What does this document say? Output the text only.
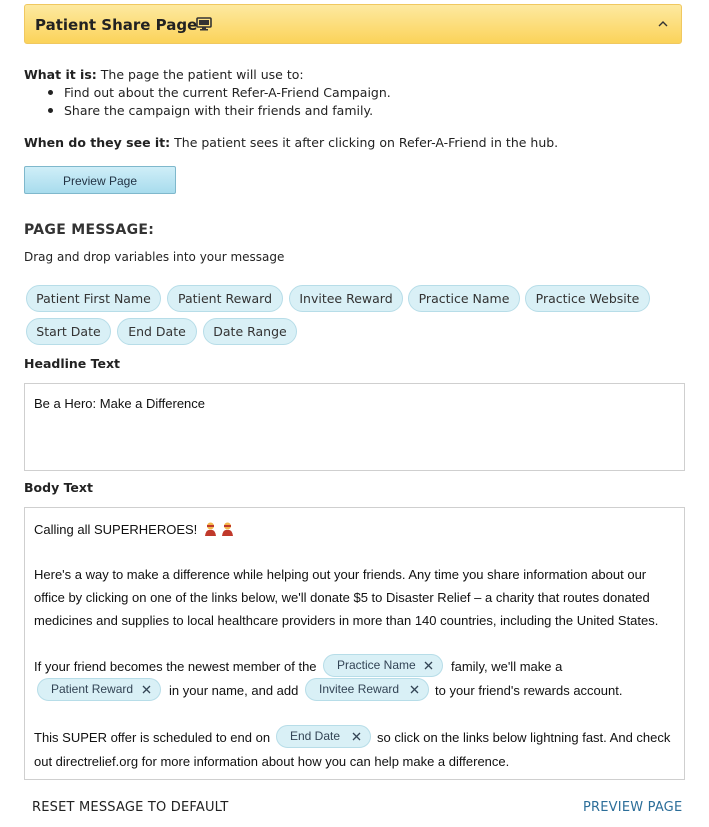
Patient Share Page
What it is: The page the patient will use to:
Find out about the current Refer-A-Friend Campaign.
Share the campaign with their friends and family.
When do they see it: The patient sees it after clicking on Refer-A-Friend in the hub.
Preview Page
PAGE MESSAGE:
Drag and drop variables into your message
Patient First Name	Patient Reward	Invitee Reward	Practice Name	Practice Website
Start Date	End Date	Date Range
Headline Text
Be a Hero: Make a Difference
Body Text
Calling all SUPERHEROES!
Here's a way to make a difference while helping out your friends. Any time you share information about our
office by clicking on one of the links below, we'll donate $5 to Disaster Relief – a charity that routes donated
medicines and supplies to local healthcare providers in more than 140 countries, including the United States.
If your friend becomes the newest member of the	Practice Name	family, we'll make a
Patient Reward	in your name, and add	Invitee Reward	to your friend's rewards account.
This SUPER offer is scheduled to end on	End Date	so click on the links below lightning fast. And check
out directrelief.org for more information about how you can help make a difference.
RESET MESSAGE TO DEFAULT	PREVIEW PAGE
